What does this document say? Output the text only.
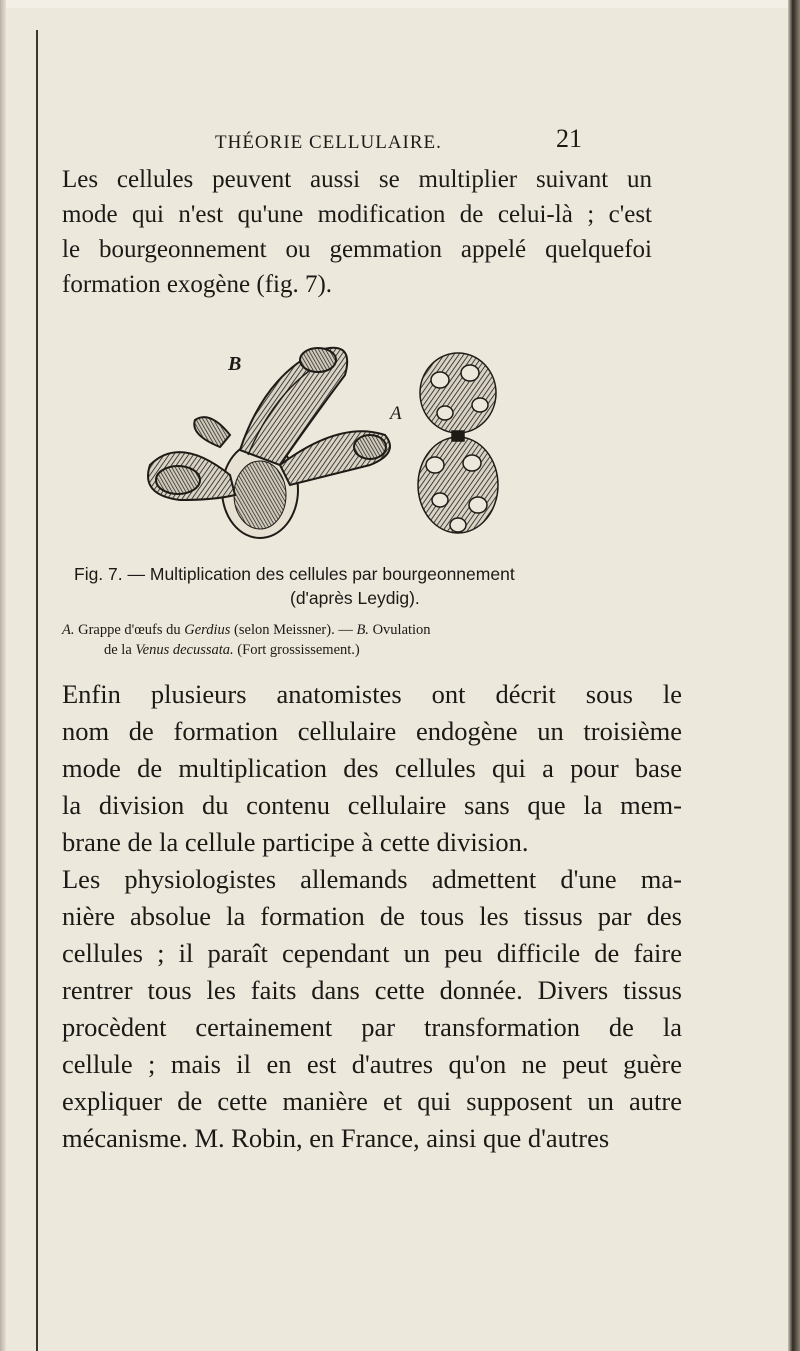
THÉORIE CELLULAIRE.	21

Les cellules peuvent aussi se multiplier suivant un
mode qui n'est qu'une modification de celui-là ; c'est
le bourgeonnement ou gemmation appelé quelquefoi
formation exogène (fig. 7).

B
A
Fig. 7. — Multiplication des cellules par bourgeonnement
(d'après Leydig).
A. Grappe d'œufs du Gerdius (selon Meissner). — B. Ovulation
de la Venus decussata. (Fort grossissement.)

Enfin plusieurs anatomistes ont décrit sous le
nom de formation cellulaire endogène un troisième
mode de multiplication des cellules qui a pour base
la division du contenu cellulaire sans que la mem-
brane de la cellule participe à cette division.

Les physiologistes allemands admettent d'une ma-
nière absolue la formation de tous les tissus par des
cellules ; il paraît cependant un peu difficile de faire
rentrer tous les faits dans cette donnée. Divers tissus
procèdent certainement par transformation de la
cellule ; mais il en est d'autres qu'on ne peut guère
expliquer de cette manière et qui supposent un autre
mécanisme. M. Robin, en France, ainsi que d'autres
